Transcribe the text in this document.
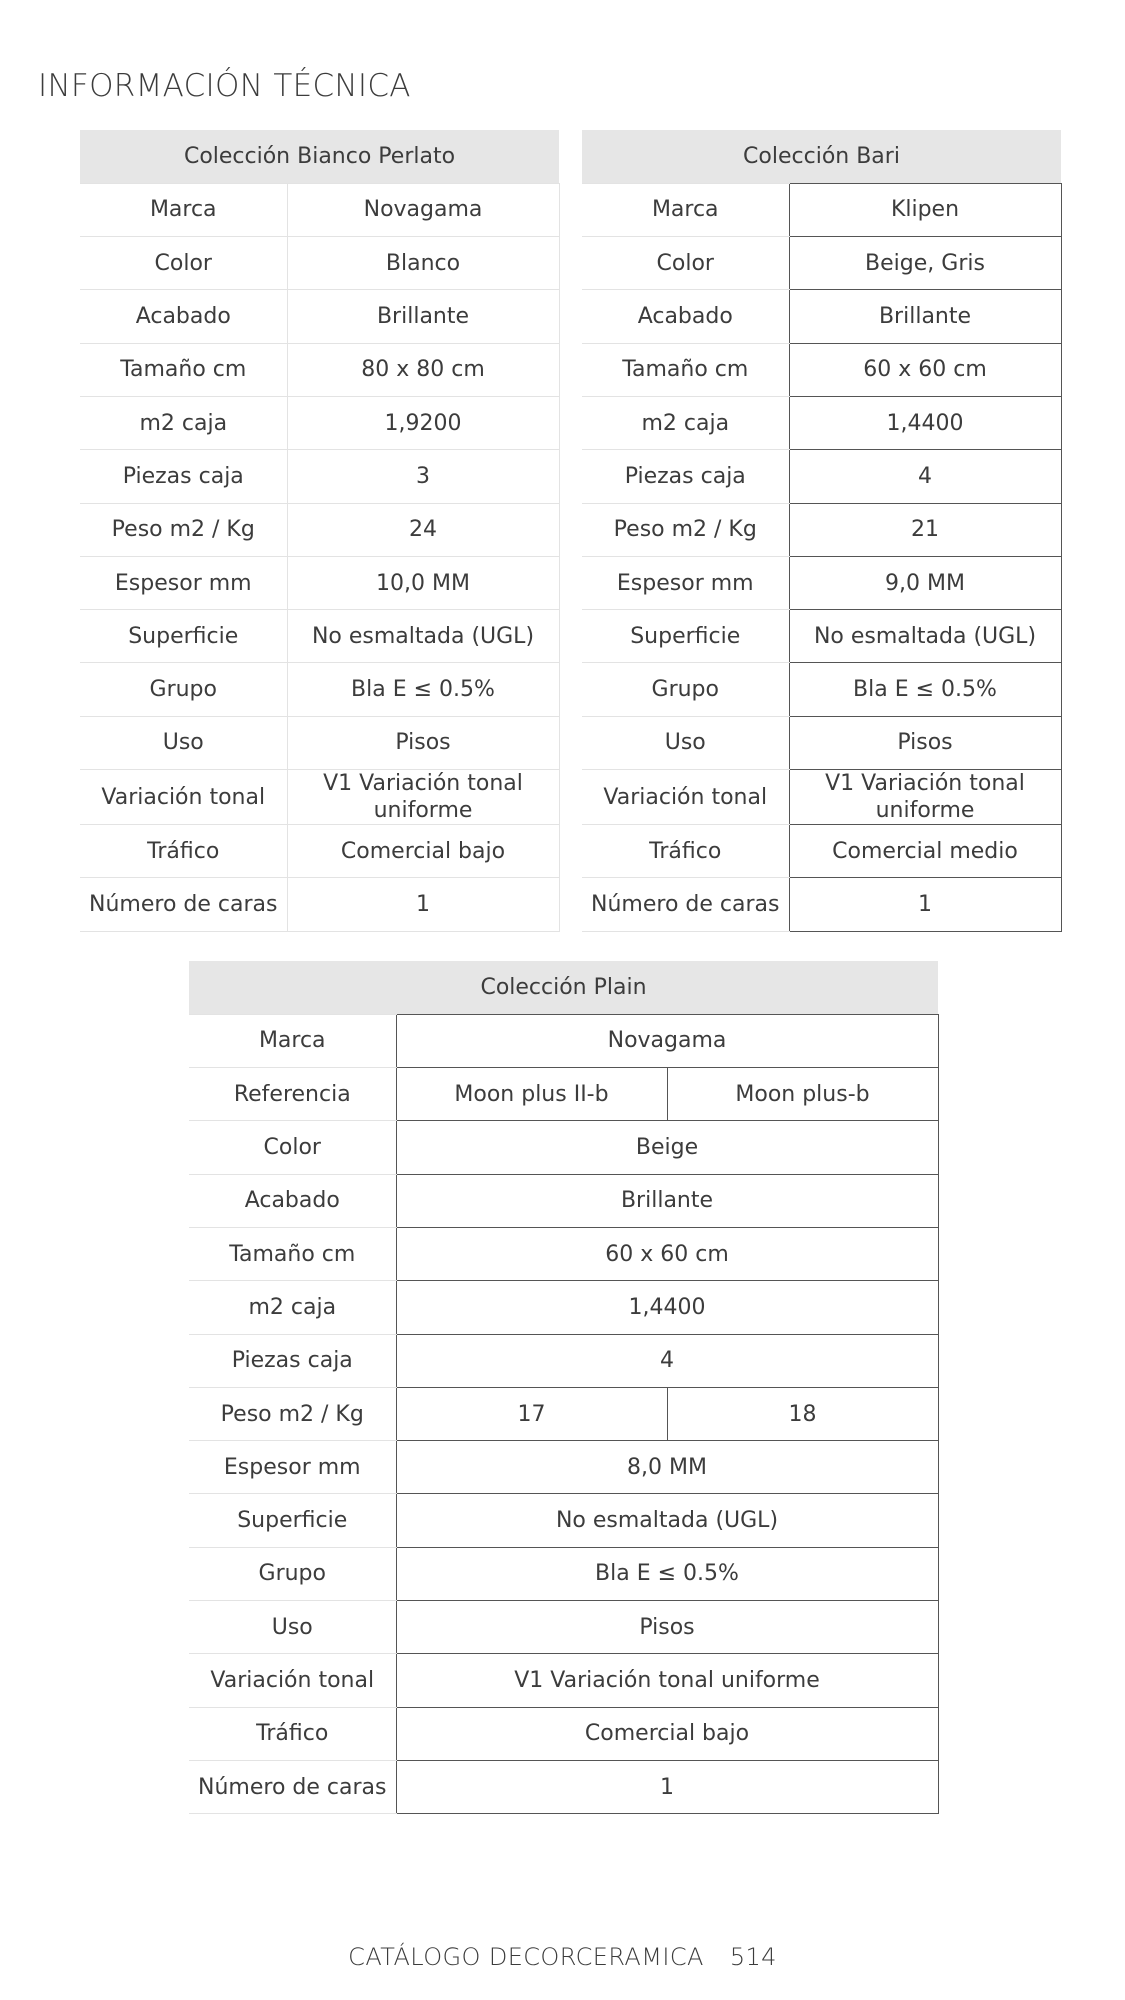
INFORMACIÓN TÉCNICA
Colección Bianco Perlato	
Marca	Novagama
Color	Blanco
Acabado	Brillante
Tamaño cm	80 x 80 cm
m2 caja	1,9200
Piezas caja	3
Peso m2 / Kg	24
Espesor mm	10,0 MM
Superficie	No esmaltada (UGL)
Grupo	Bla E ≤ 0.5%
Uso	Pisos
Variación tonal	V1 Variación tonal uniforme
Tráfico	Comercial bajo
Número de caras	1
Colección Bari	
Marca	Klipen
Color	Beige, Gris
Acabado	Brillante
Tamaño cm	60 x 60 cm
m2 caja	1,4400
Piezas caja	4
Peso m2 / Kg	21
Espesor mm	9,0 MM
Superficie	No esmaltada (UGL)
Grupo	Bla E ≤ 0.5%
Uso	Pisos
Variación tonal	V1 Variación tonal uniforme
Tráfico	Comercial medio
Número de caras	1
Colección Plain		
Marca	Novagama	
Referencia	Moon plus II-b	Moon plus-b
Color	Beige	
Acabado	Brillante	
Tamaño cm	60 x 60 cm	
m2 caja	1,4400	
Piezas caja	4	
Peso m2 / Kg	17	18
Espesor mm	8,0 MM	
Superficie	No esmaltada (UGL)	
Grupo	Bla E ≤ 0.5%	
Uso	Pisos	
Variación tonal	V1 Variación tonal uniforme	
Tráfico	Comercial bajo	
Número de caras	1	
CATÁLOGO DECORCERAMICA 514
